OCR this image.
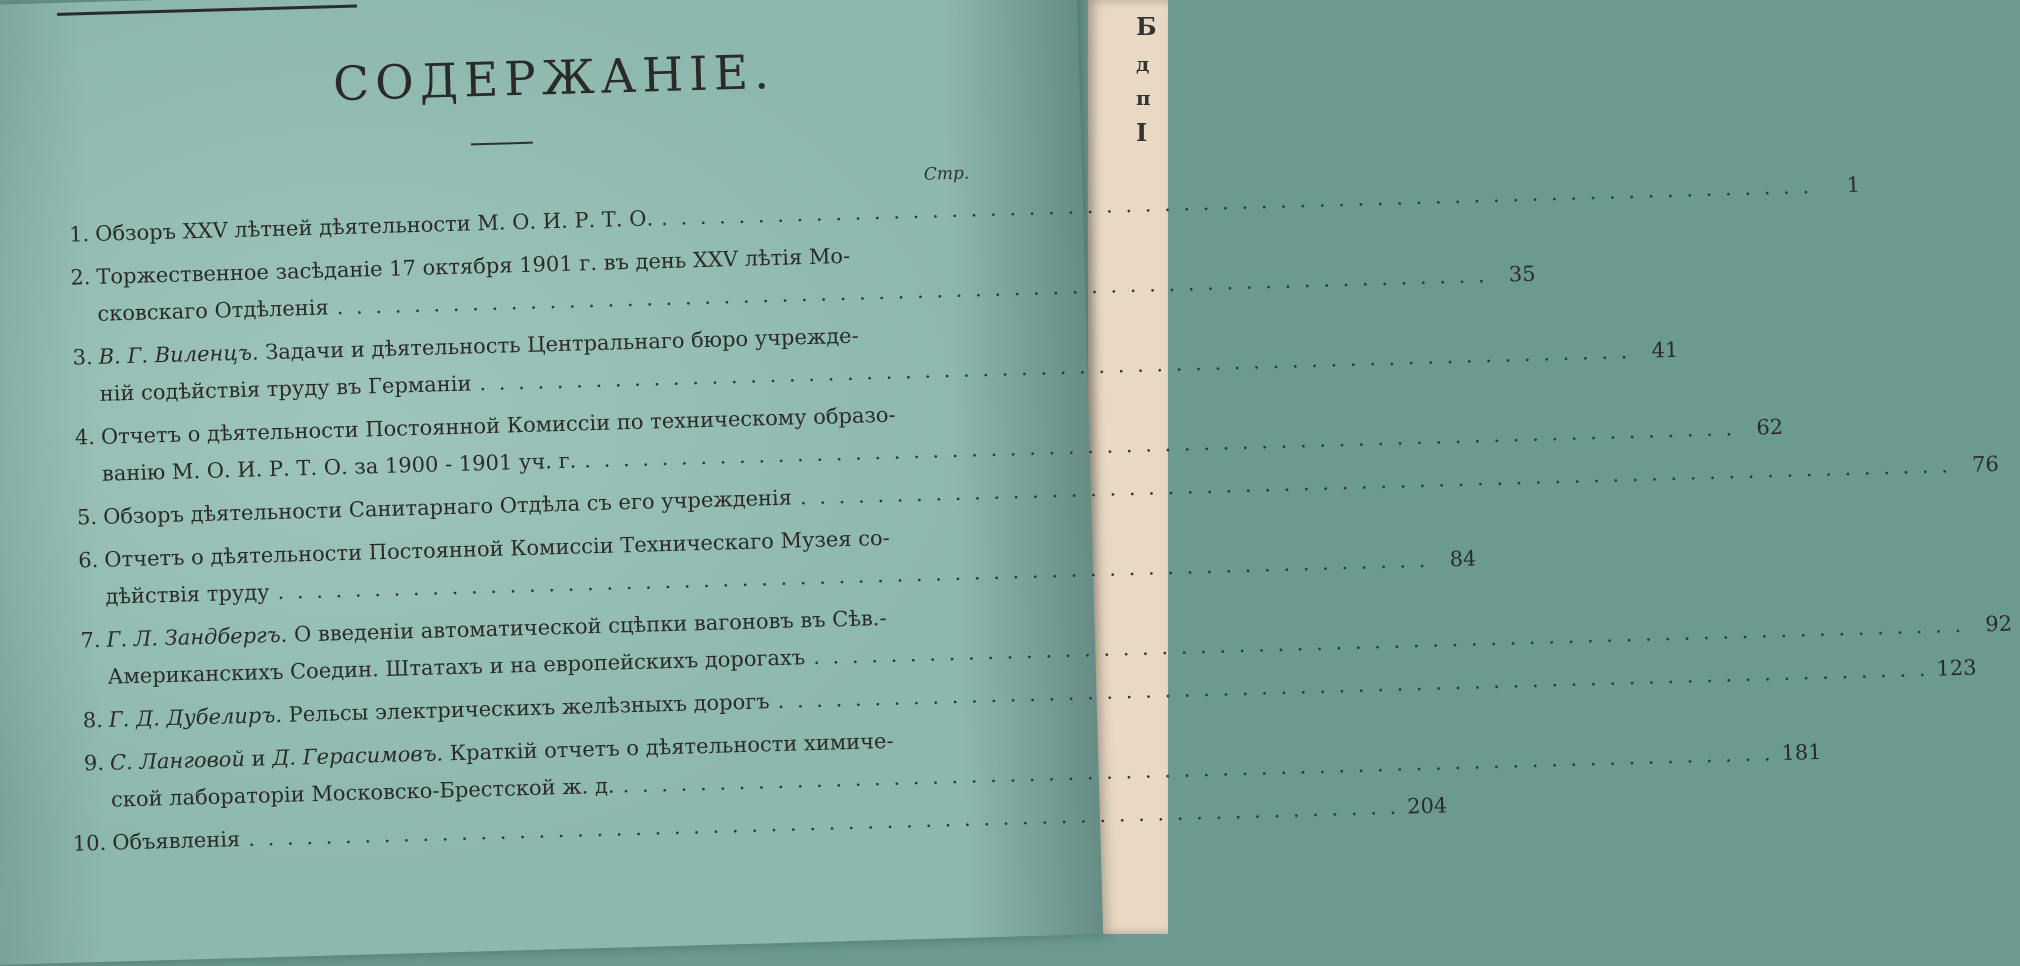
Б
д
п
І
СОДЕРЖАНІЕ.
Стр.
1. Обзоръ XXV лѣтней дѣятельности М. О. И. Р. Т. О.
. . .
1
2. Торжественное засѣданіе 17 октября 1901 г. въ день XXV лѣтія Мо-
сковскаго Отдѣленія
. . .
35
3. В. Г. Виленцъ.
Задачи и дѣятельность Центральнаго бюро учрежде-
ній содѣйствія труду въ Германіи
. . .
41
4. Отчетъ о дѣятельности Постоянной Комиссіи по техническому образо-
ванію М. О. И. Р. Т. О. за 1900 - 1901 уч. г.
. . .
62
5. Обзоръ дѣятельности Санитарнаго Отдѣла съ его учрежденія
. . .
76
6. Отчетъ о дѣятельности Постоянной Комиссіи Техническаго Музея со-
дѣйствія труду
. . .
84
7. Г. Л. Зандбергъ.
О введеніи автоматической сцѣпки вагоновъ въ Сѣв.-
Американскихъ Соедин. Штатахъ и на европейскихъ дорогахъ
. . .
92
8. Г. Д. Дубелиръ.
Рельсы электрическихъ желѣзныхъ дорогъ
. . .
123
9. С. Ланговой
и
Д. Герасимовъ.
Краткій отчетъ о дѣятельности химиче-
ской лабораторіи Московско-Брестской ж. д.
. . .
181
10. Объявленія
. . .
204
